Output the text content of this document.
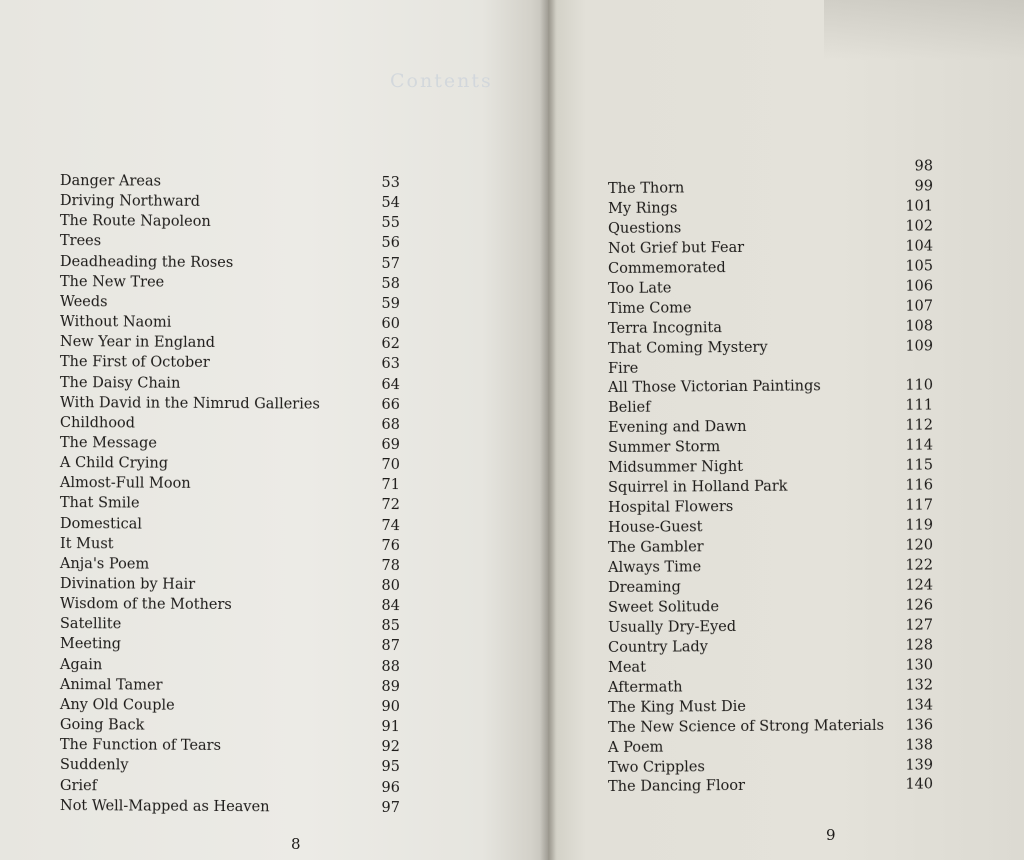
Contents
Danger Areas	53
Driving Northward	54
The Route Napoleon	55
Trees	56
Deadheading the Roses	57
The New Tree	58
Weeds	59
Without Naomi	60
New Year in England	62
The First of October	63
The Daisy Chain	64
With David in the Nimrud Galleries	66
Childhood	68
The Message	69
A Child Crying	70
Almost-Full Moon	71
That Smile	72
Domestical	74
It Must	76
Anja's Poem	78
Divination by Hair	80
Wisdom of the Mothers	84
Satellite	85
Meeting	87
Again	88
Animal Tamer	89
Any Old Couple	90
Going Back	91
The Function of Tears	92
Suddenly	95
Grief	96
Not Well-Mapped as Heaven	97
8
98
The Thorn	99
My Rings	101
Questions	102
Not Grief but Fear	104
Commemorated	105
Too Late	106
Time Come	107
Terra Incognita	108
That Coming Mystery	109
Fire
All Those Victorian Paintings	110
Belief	111
Evening and Dawn	112
Summer Storm	114
Midsummer Night	115
Squirrel in Holland Park	116
Hospital Flowers	117
House-Guest	119
The Gambler	120
Always Time	122
Dreaming	124
Sweet Solitude	126
Usually Dry-Eyed	127
Country Lady	128
Meat	130
Aftermath	132
The King Must Die	134
The New Science of Strong Materials 136
A Poem	138
Two Cripples	139
The Dancing Floor	140
9
